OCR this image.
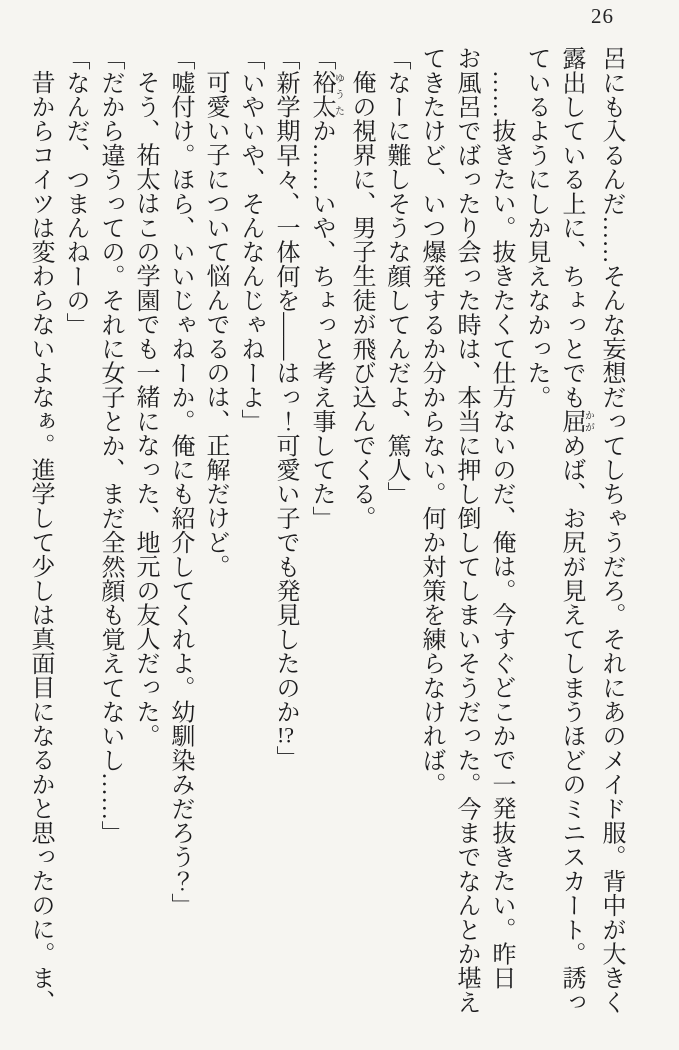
26
呂にも入るんだ……そんな妄想だってしちゃうだろ。それにあのメイド服。背中が大きく
露出している上に、ちょっとでも屈かがめば、お尻が見えてしまうほどのミニスカート。誘っ
ているようにしか見えなかった。
……抜きたい。抜きたくて仕方ないのだ、俺は。今すぐどこかで一発抜きたい。昨日
お風呂でばったり会った時は、本当に押し倒してしまいそうだった。今までなんとか堪え
てきたけど、いつ爆発するか分からない。何か対策を練らなければ。
「なーに難しそうな顔してんだよ、篤人」
俺の視界に、男子生徒が飛び込んでくる。
「裕太ゆうたか……いや、ちょっと考え事してた」
「新学期早々、一体何を――はっ！可愛い子でも発見したのか!?」
「いやいや、そんなんじゃねーよ」
可愛い子について悩んでるのは、正解だけど。
「嘘付け。ほら、いいじゃねーか。俺にも紹介してくれよ。幼馴染みだろう？」
そう、祐太はこの学園でも一緒になった、地元の友人だった。
「だから違うっての。それに女子とか、まだ全然顔も覚えてないし……」
「なんだ、つまんねーの」
昔からコイツは変わらないよなぁ。進学して少しは真面目になるかと思ったのに。ま、
